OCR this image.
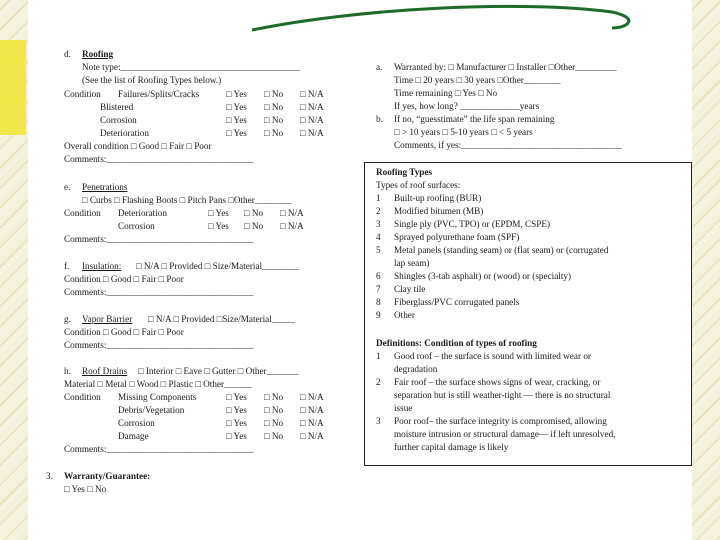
d. Roofing
Note type:_______________________________________
(See the list of Roofing Types below.)
Condition Failures/Splits/Cracks	□ Yes □ No □ N/A
Blistered	□ Yes □ No □ N/A
Corrosion	□ Yes □ No □ N/A
Deterioration	□ Yes □ No □ N/A
Overall condition □ Good □ Fair □ Poor
Comments:________________________________
a. Warranted by: □ Manufacturer □ Installer □Other_________
Time □ 20 years □ 30 years □Other________
Time remaining □ Yes □ No
If yes, how long? _____________years
b. If no, “guesstimate” the life span remaining
□ > 10 years □ 5-10 years □ < 5 years
Comments, if yes:___________________________________
Roofing Types
Types of roof surfaces:
1 Built-up roofing (BUR)
2 Modified bitumen (MB)
3 Single ply (PVC, TPO) or (EPDM, CSPE)
4 Sprayed polyurethane foam (SPF)
5 Metal panels (standing seam) or (flat seam) or (corrugated
lap seam)
6 Shingles (3-tab asphalt) or (wood) or (specialty)
7 Clay tile
8 Fiberglass/PVC corrugated panels
9 Other
Definitions: Condition of types of roofing
1 Good roof – the surface is sound with limited wear or
degradation
2 Fair roof – the surface shows signs of wear, cracking, or
separation but is still weather-tight — there is no structural
issue
3 Poor roof– the surface integrity is compromised, allowing
moisture intrusion or structural damage— if left unresolved,
further capital damage is likely
e. Penetrations
□ Curbs □ Flashing Boots □ Pitch Pans □Other________
Condition Deterioration	□ Yes □ No □ N/A
Corrosion	□ Yes □ No □ N/A
Comments:________________________________
f. Insulation: □ N/A □ Provided □ Size/Material________
Condition □ Good □ Fair □ Poor
Comments:________________________________
g. Vapor Barrier □ N/A □ Provided □Size/Material_____
Condition □ Good □ Fair □ Poor
Comments:________________________________
h. Roof Drains □ Interior □ Eave □ Gutter □ Other_______
Material □ Metal □ Wood □ Plastic □ Other______
Condition Missing Components	□ Yes □ No □ N/A
Debris/Vegetation	□ Yes □ No □ N/A
Corrosion	□ Yes □ No □ N/A
Damage	□ Yes □ No □ N/A
Comments:________________________________
3. Warranty/Guarantee:
□ Yes □ No
